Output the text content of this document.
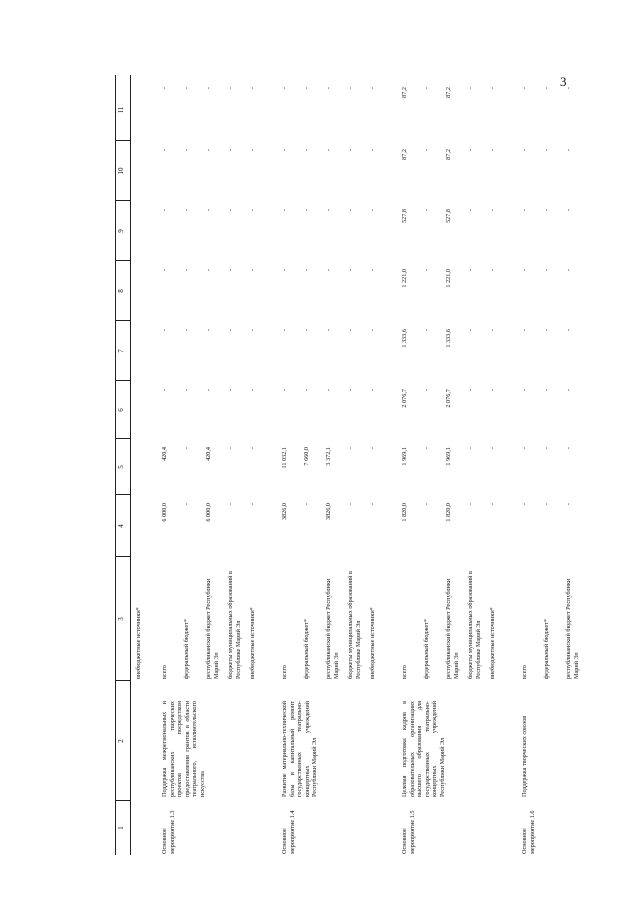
3
1
2
3
4
5
6
7
8
9
10
11
внебюджетные источники*
Основное мероприятие 1.3
Поддержка межрегиональных и республиканских творческих проектов посредством предоставления грантов в области театрального, исполнительского искусства
всего
6 000,0
420,4
-
-
-
-
-
-
федеральный бюджет*
-
-
-
-
-
-
-
-
республиканский бюджет Республики Марий Эл
6 000,0
420,4
-
-
-
-
-
-
бюджеты муниципальных образований в Республике Марий Эл
-
-
-
-
-
-
-
-
внебюджетные источники*
-
-
-
-
-
-
-
-
Основное мероприятие 1.4
Развитие материально-технической базы и капитальный ремонт государственных театрально-концертных учреждений Республики Марий Эл
всего
3826,0
11 032,1
-
-
-
-
-
-
федеральный бюджет*
-
7 660,0
-
-
-
-
-
-
республиканский бюджет Республики Марий Эл
3826,0
3 372,1
-
-
-
-
-
-
бюджеты муниципальных образований в Республике Марий Эл
-
-
-
-
-
-
-
-
внебюджетные источники*
-
-
-
-
-
-
-
-
Основное мероприятие 1.5
Целевая подготовка кадров в образовательных организациях высшего образования для государственных театрально-концертных учреждений Республики Марий Эл
всего
1 820,0
1 969,1
2 076,7
1 333,6
1 221,0
527,8
87,2
87,2
федеральный бюджет*
-
-
-
-
-
-
-
-
республиканский бюджет Республики Марий Эл
1 820,0
1 969,1
2 076,7
1 333,6
1 221,0
527,8
87,2
87,2
бюджеты муниципальных образований в Республике Марий Эл
-
-
-
-
-
-
-
-
внебюджетные источники*
-
-
-
-
-
-
-
-
Основное мероприятие 1.6
Поддержка творческих союзов
всего
-
-
-
-
-
-
-
-
федеральный бюджет*
-
-
-
-
-
-
-
-
республиканский бюджет Республики Марий Эл
-
-
-
-
-
-
-
-
